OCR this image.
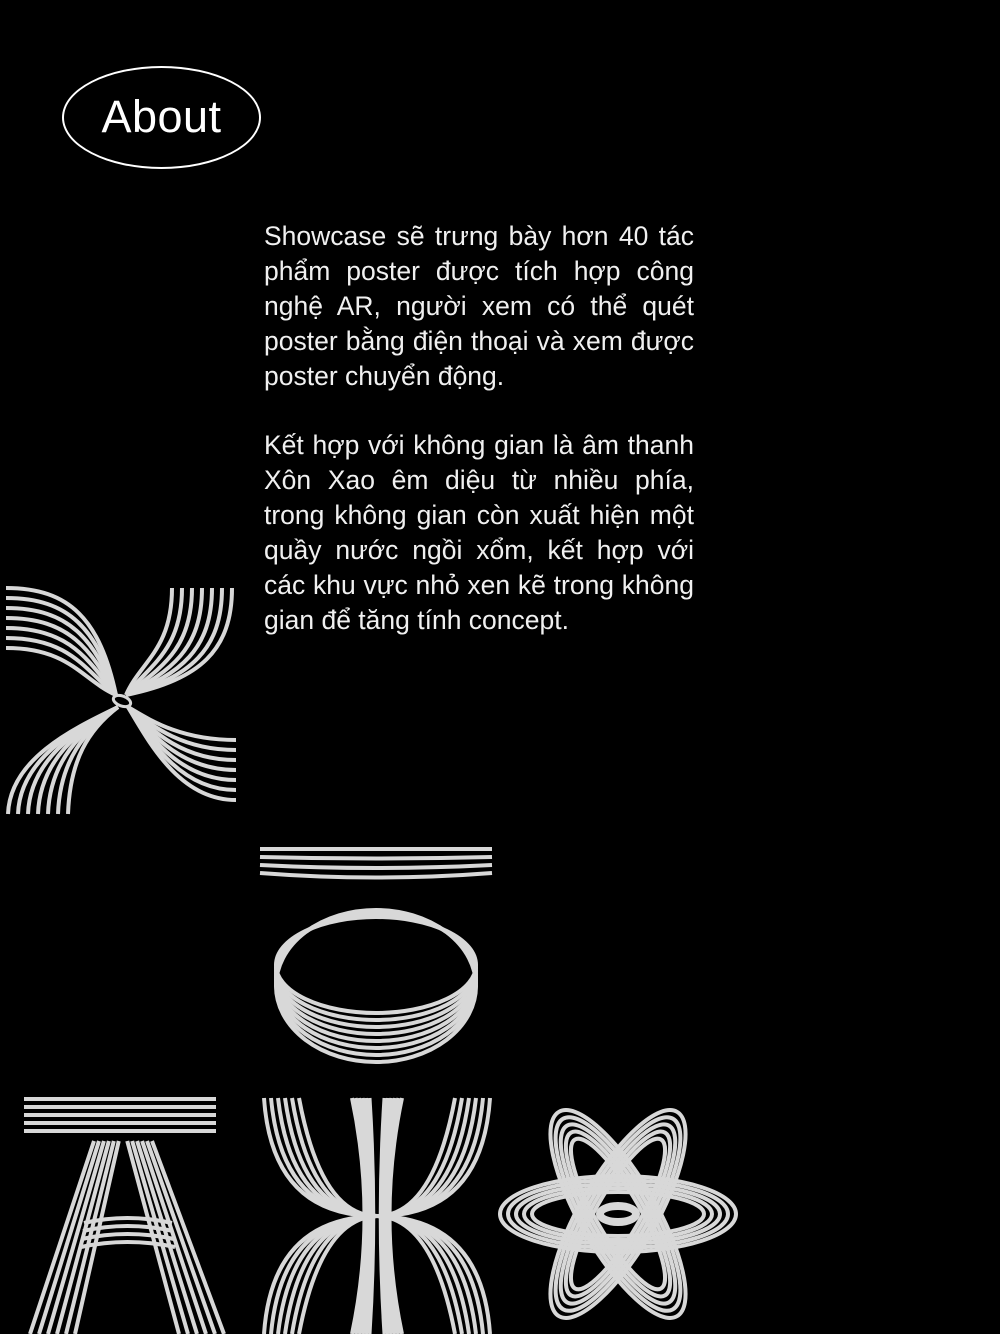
About

Showcase sẽ trưng bày hơn 40 tác phẩm poster được tích hợp công nghệ AR, người xem có thể quét poster bằng điện thoại và xem được poster chuyển động.

Kết hợp với không gian là âm thanh Xôn Xao êm diệu từ nhiều phía, trong không gian còn xuất hiện một quầy nước ngồi xổm, kết hợp với các khu vực nhỏ xen kẽ trong không gian để tăng tính concept.
